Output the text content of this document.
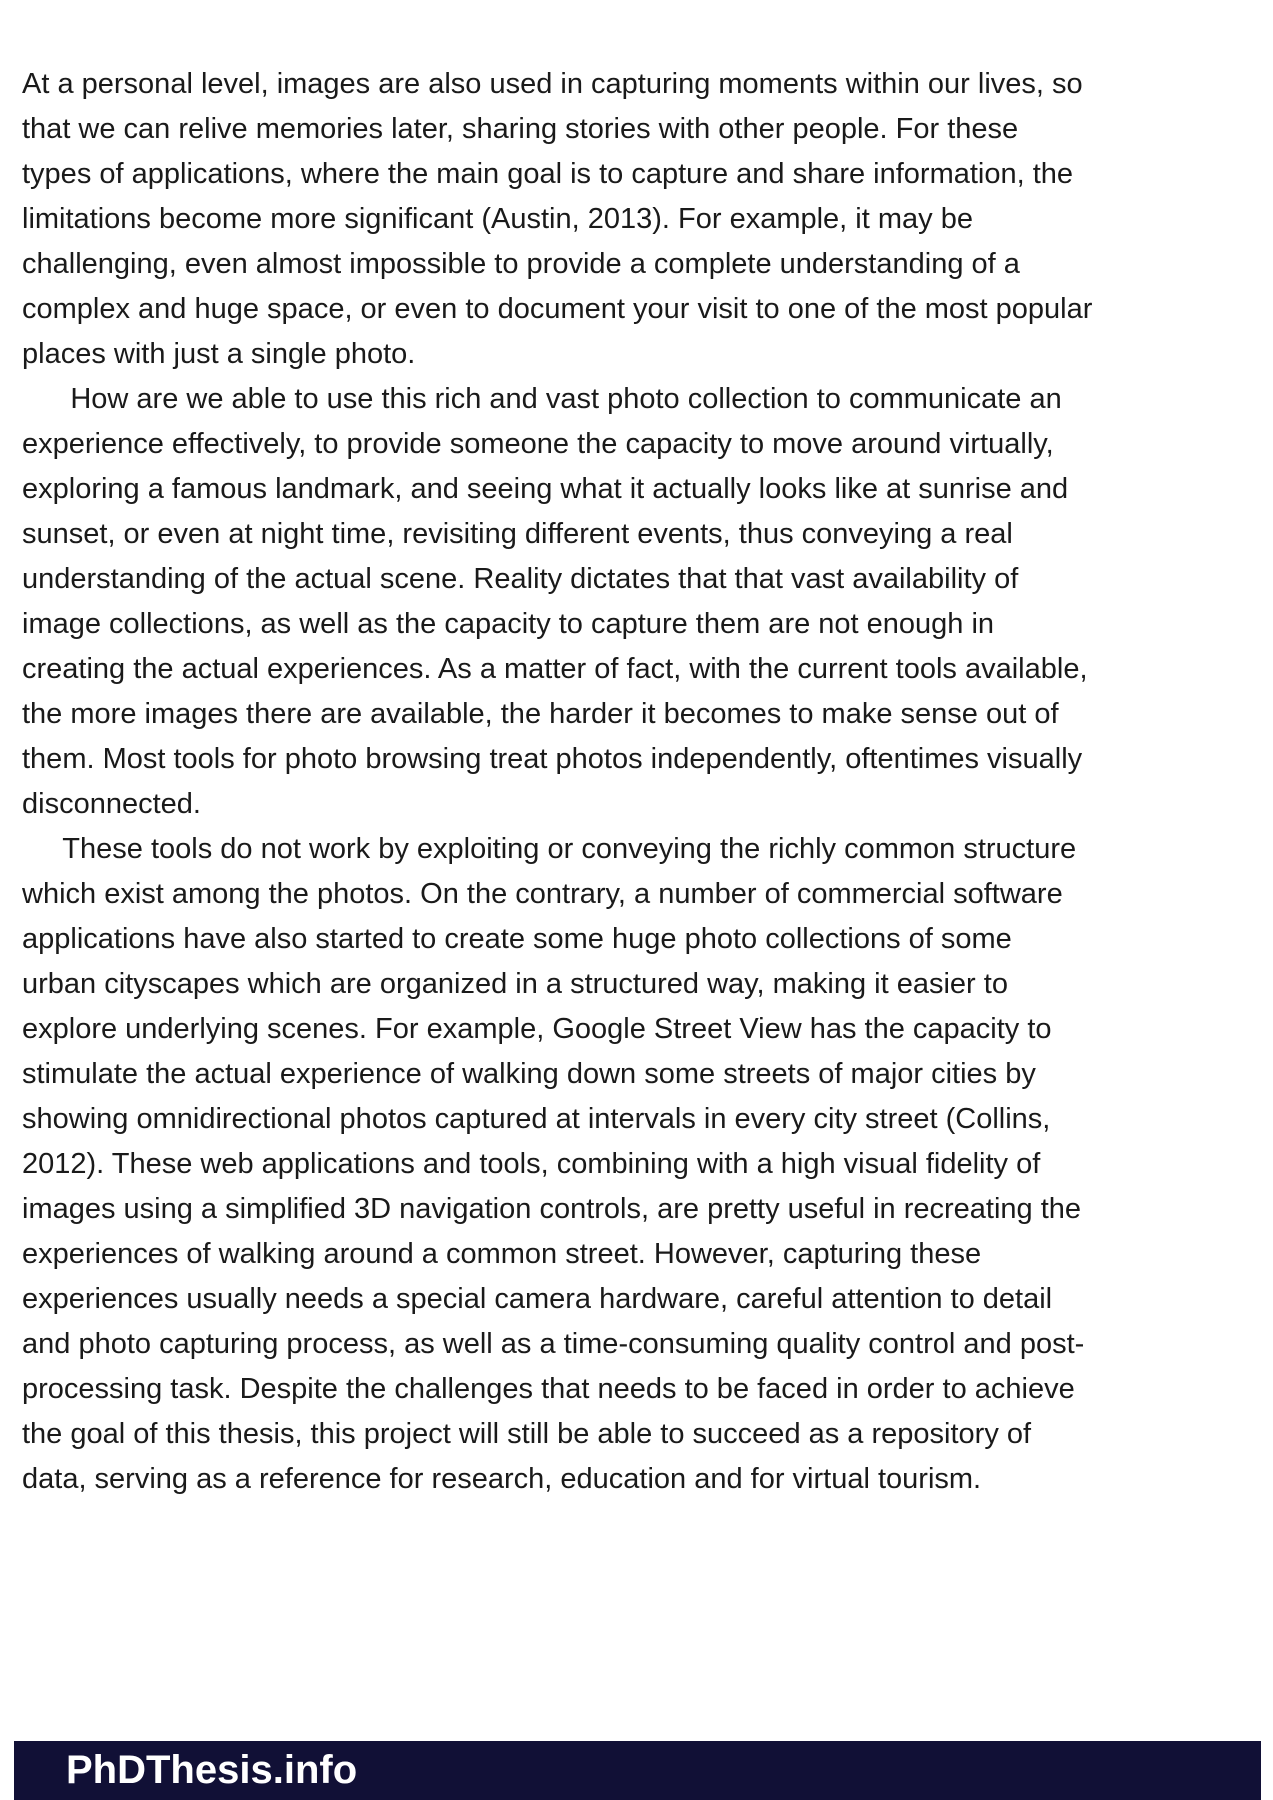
At a personal level, images are also used in capturing moments within our lives, so
that we can relive memories later, sharing stories with other people. For these
types of applications, where the main goal is to capture and share information, the
limitations become more significant (Austin, 2013). For example, it may be
challenging, even almost impossible to provide a complete understanding of a
complex and huge space, or even to document your visit to one of the most popular
places with just a single photo.
How are we able to use this rich and vast photo collection to communicate an
experience effectively, to provide someone the capacity to move around virtually,
exploring a famous landmark, and seeing what it actually looks like at sunrise and
sunset, or even at night time, revisiting different events, thus conveying a real
understanding of the actual scene. Reality dictates that that vast availability of
image collections, as well as the capacity to capture them are not enough in
creating the actual experiences. As a matter of fact, with the current tools available,
the more images there are available, the harder it becomes to make sense out of
them. Most tools for photo browsing treat photos independently, oftentimes visually
disconnected.
These tools do not work by exploiting or conveying the richly common structure
which exist among the photos. On the contrary, a number of commercial software
applications have also started to create some huge photo collections of some
urban cityscapes which are organized in a structured way, making it easier to
explore underlying scenes. For example, Google Street View has the capacity to
stimulate the actual experience of walking down some streets of major cities by
showing omnidirectional photos captured at intervals in every city street (Collins,
2012). These web applications and tools, combining with a high visual fidelity of
images using a simplified 3D navigation controls, are pretty useful in recreating the
experiences of walking around a common street. However, capturing these
experiences usually needs a special camera hardware, careful attention to detail
and photo capturing process, as well as a time-consuming quality control and post-
processing task. Despite the challenges that needs to be faced in order to achieve
the goal of this thesis, this project will still be able to succeed as a repository of
data, serving as a reference for research, education and for virtual tourism.
PhDThesis.info
